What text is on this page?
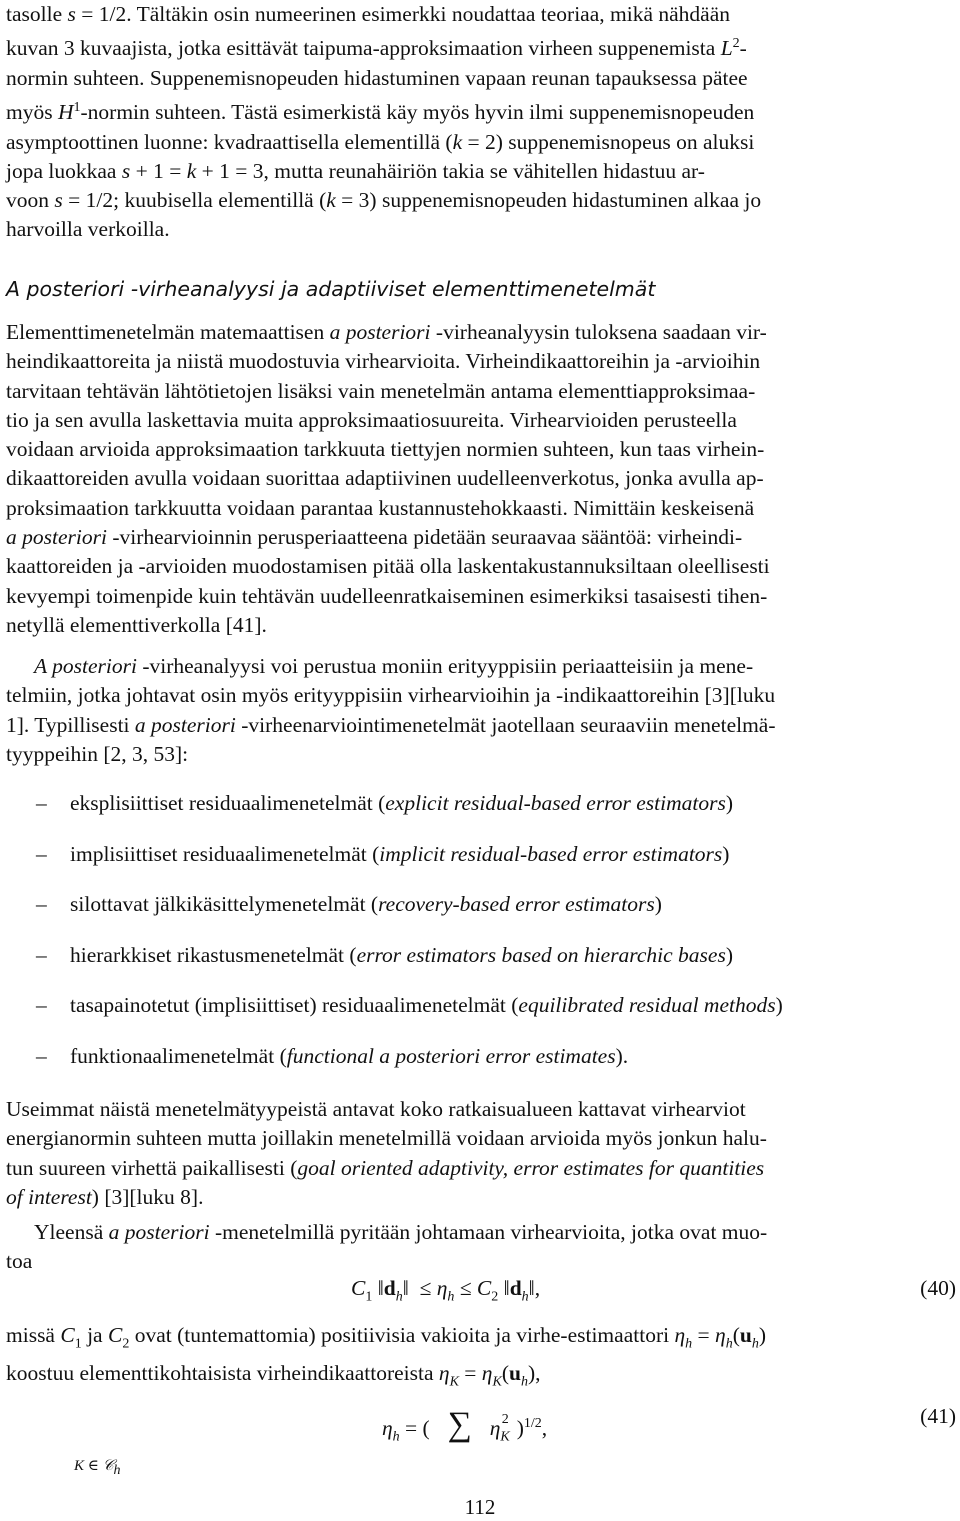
tasolle s = 1/2. Tältäkin osin numeerinen esimerkki noudattaa teoriaa, mikä nähdään

kuvan 3 kuvaajista, jotka esittävät taipuma-approksimaation virheen suppenemista $L^2-$

normin suhteen. Suppenemisnopeuden hidastuminen vapaan reunan tapauksessa pätee

myös $H^1$-normin suhteen. Tästä esimerkistä käy myös hyvin ilmi suppenemisnopeuden

asymptoottinen luonne: kvadraattisella elementillä (k = 2) suppenemisnopeus on aluksi

jopa luokkaa s + 1 = k + 1 = 3, mutta reunahäiriön takia se vähitellen hidastuu ar-

voon s = 1/2; kuubisella elementillä (k = 3) suppenemisnopeuden hidastuminen alkaa jo

harvoilla verkoilla.

A posteriori -virheanalyysi ja adaptiiviset elementtimenetelmät

Elementtimenetelmän matemaattisen a posteriori -virheanalyysin tuloksena saadaan vir-

heindikaattoreita ja niistä muodostuvia virhearvioita. Virheindikaattoreihin ja -arvioihin

tarvitaan tehtävän lähtötietojen lisäksi vain menetelmän antama elementtiapproksimaa-

tio ja sen avulla laskettavia muita approksimaatiosuureita. Virhearvioiden perusteella

voidaan arvioida approksimaation tarkkuuta tiettyjen normien suhteen, kun taas virhein-

dikaattoreiden avulla voidaan suorittaa adaptiivinen uudelleenverkotus, jonka avulla ap-

proksimaation tarkkuutta voidaan parantaa kustannustehokkaasti. Nimittäin keskeisenä

a posteriori -virhearvioinnin perusperiaatteena pidetään seuraavaa sääntöä: virheindi-

kaattoreiden ja -arvioiden muodostamisen pitää olla laskentakustannuksiltaan oleellisesti

kevyempi toimenpide kuin tehtävän uudelleenratkaiseminen esimerkiksi tasaisesti tihen-

netyllä elementtiverkolla [41].

A posteriori -virheanalyysi voi perustua moniin erityyppisiin periaatteisiin ja mene-

telmiin, jotka johtavat osin myös erityyppisiin virhearvioihin ja -indikaattoreihin [3][luku

1]. Typillisesti a posteriori -virheenarviointimenetelmät jaotellaan seuraaviin menetelmä-

tyyppeihin [2, 3, 53]:

–	eksplisiittiset residuaalimenetelmät (explicit residual-based error estimators)
–	implisiittiset residuaalimenetelmät (implicit residual-based error estimators)
–	silottavat jälkikäsittelymenetelmät (recovery-based error estimators)
–	hierarkkiset rikastusmenetelmät (error estimators based on hierarchic bases)
–	tasapainotetut (implisiittiset) residuaalimenetelmät (equilibrated residual methods)
–	funktionaalimenetelmät (functional a posteriori error estimates).

Useimmat näistä menetelmätyypeistä antavat koko ratkaisualueen kattavat virhearviot

energianormin suhteen mutta joillakin menetelmillä voidaan arvioida myös jonkun halu-

tun suureen virhettä paikallisesti (goal oriented adaptivity, error estimates for quantities

of interest) [3][luku 8].

Yleensä a posteriori -menetelmillä pyritään johtamaan virhearvioita, jotka ovat muo-

toa

$C_1$ $‖d_h‖ \le \eta_h \le C_2$ $‖d_h‖$,	(40)

missä $C_1$ ja $C_2$ ovat (tuntemattomia) positiivisia vakioita ja virhe-estimaattori $\eta_h = \eta_h(u_h)$

koostuu elementtikohtaisista virheindikaattoreista $\eta_K = \eta_K(u_h)$,

$\eta_h$ = ( ∑ $\eta_K^2$ )$^{1/2}$,
K ∈ 𝒞$_h$
(41)
112
